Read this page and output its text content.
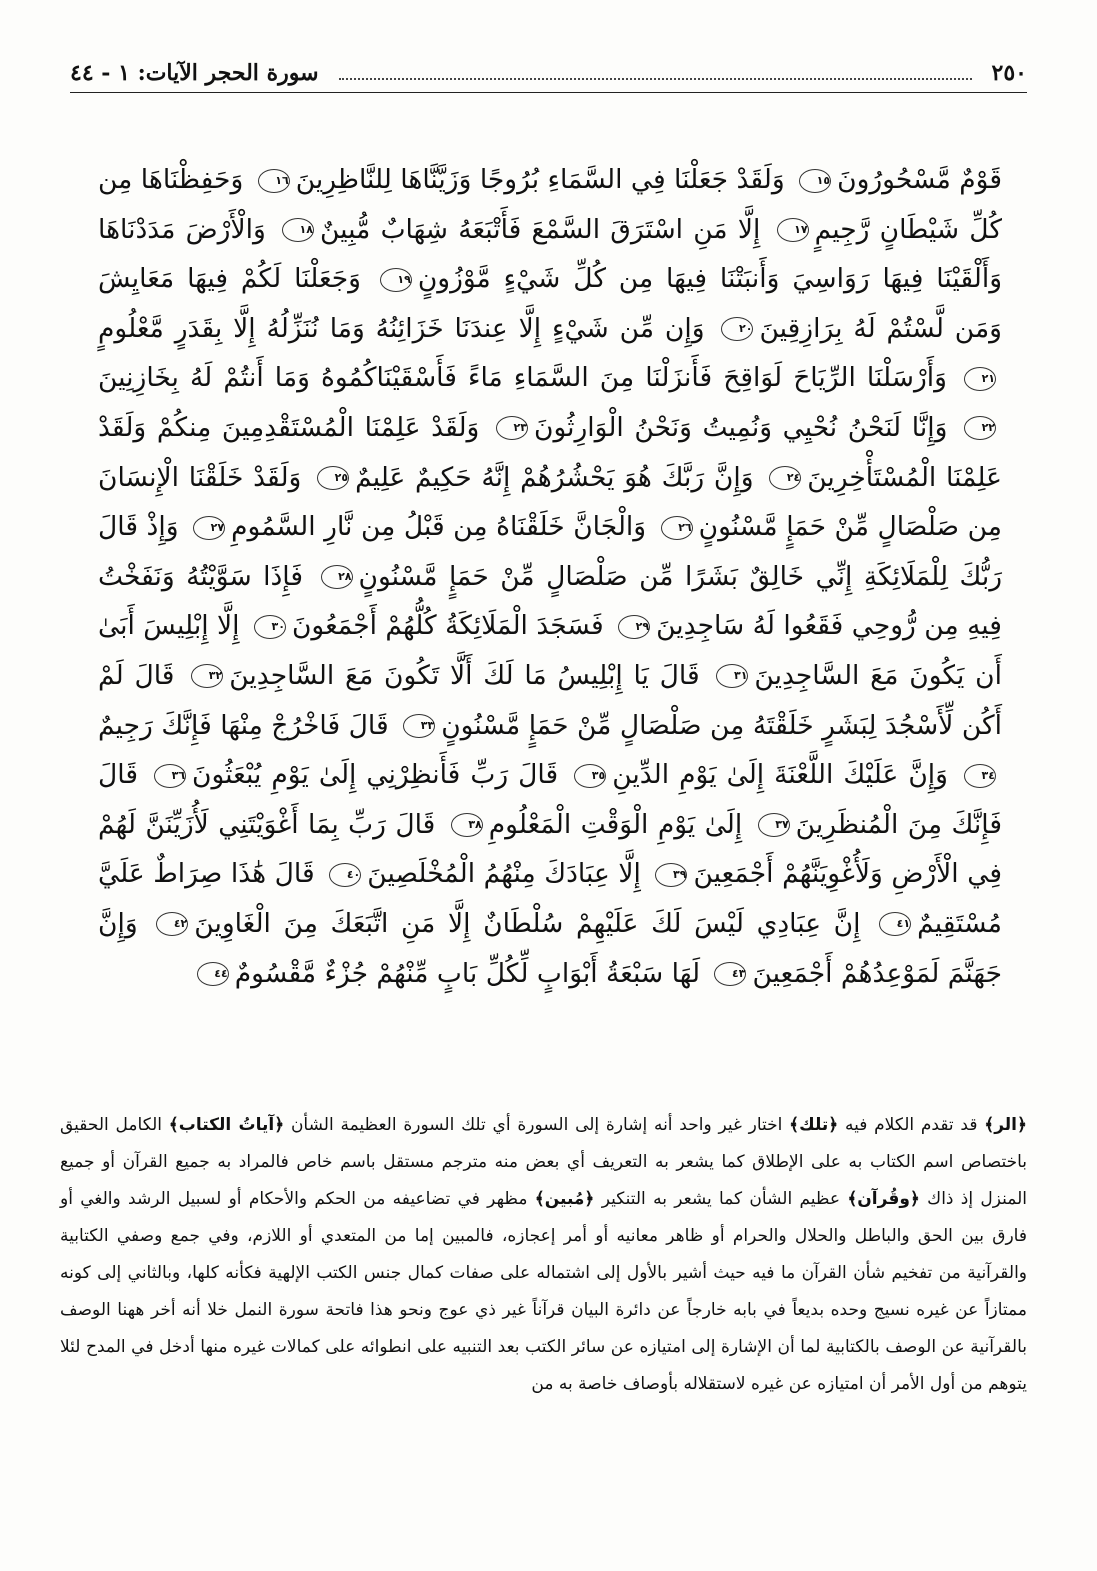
٢٥٠
سورة الحجر الآيات: ١ - ٤٤
قَوْمٌ مَّسْحُورُونَ١٥ وَلَقَدْ جَعَلْنَا فِي السَّمَاءِ بُرُوجًا وَزَيَّنَّاهَا لِلنَّاظِرِينَ١٦ وَحَفِظْنَاهَا مِن كُلِّ شَيْطَانٍ رَّجِيمٍ١٧ إِلَّا مَنِ اسْتَرَقَ السَّمْعَ فَأَتْبَعَهُ شِهَابٌ مُّبِينٌ١٨ وَالْأَرْضَ مَدَدْنَاهَا وَأَلْقَيْنَا فِيهَا رَوَاسِيَ وَأَنبَتْنَا فِيهَا مِن كُلِّ شَيْءٍ مَّوْزُونٍ١٩ وَجَعَلْنَا لَكُمْ فِيهَا مَعَايِشَ وَمَن لَّسْتُمْ لَهُ بِرَازِقِينَ٢٠ وَإِن مِّن شَيْءٍ إِلَّا عِندَنَا خَزَائِنُهُ وَمَا نُنَزِّلُهُ إِلَّا بِقَدَرٍ مَّعْلُومٍ٢١ وَأَرْسَلْنَا الرِّيَاحَ لَوَاقِحَ فَأَنزَلْنَا مِنَ السَّمَاءِ مَاءً فَأَسْقَيْنَاكُمُوهُ وَمَا أَنتُمْ لَهُ بِخَازِنِينَ٢٢ وَإِنَّا لَنَحْنُ نُحْيِي وَنُمِيتُ وَنَحْنُ الْوَارِثُونَ٢٣ وَلَقَدْ عَلِمْنَا الْمُسْتَقْدِمِينَ مِنكُمْ وَلَقَدْ عَلِمْنَا الْمُسْتَأْخِرِينَ٢٤ وَإِنَّ رَبَّكَ هُوَ يَحْشُرُهُمْ إِنَّهُ حَكِيمٌ عَلِيمٌ٢٥ وَلَقَدْ خَلَقْنَا الْإِنسَانَ مِن صَلْصَالٍ مِّنْ حَمَإٍ مَّسْنُونٍ٢٦ وَالْجَانَّ خَلَقْنَاهُ مِن قَبْلُ مِن نَّارِ السَّمُومِ٢٧ وَإِذْ قَالَ رَبُّكَ لِلْمَلَائِكَةِ إِنِّي خَالِقٌ بَشَرًا مِّن صَلْصَالٍ مِّنْ حَمَإٍ مَّسْنُونٍ٢٨ فَإِذَا سَوَّيْتُهُ وَنَفَخْتُ فِيهِ مِن رُّوحِي فَقَعُوا لَهُ سَاجِدِينَ٢٩ فَسَجَدَ الْمَلَائِكَةُ كُلُّهُمْ أَجْمَعُونَ٣٠ إِلَّا إِبْلِيسَ أَبَىٰ أَن يَكُونَ مَعَ السَّاجِدِينَ٣١ قَالَ يَا إِبْلِيسُ مَا لَكَ أَلَّا تَكُونَ مَعَ السَّاجِدِينَ٣٢ قَالَ لَمْ أَكُن لِّأَسْجُدَ لِبَشَرٍ خَلَقْتَهُ مِن صَلْصَالٍ مِّنْ حَمَإٍ مَّسْنُونٍ٣٣ قَالَ فَاخْرُجْ مِنْهَا فَإِنَّكَ رَجِيمٌ٣٤ وَإِنَّ عَلَيْكَ اللَّعْنَةَ إِلَىٰ يَوْمِ الدِّينِ٣٥ قَالَ رَبِّ فَأَنظِرْنِي إِلَىٰ يَوْمِ يُبْعَثُونَ٣٦ قَالَ فَإِنَّكَ مِنَ الْمُنظَرِينَ٣٧ إِلَىٰ يَوْمِ الْوَقْتِ الْمَعْلُومِ٣٨ قَالَ رَبِّ بِمَا أَغْوَيْتَنِي لَأُزَيِّنَنَّ لَهُمْ فِي الْأَرْضِ وَلَأُغْوِيَنَّهُمْ أَجْمَعِينَ٣٩ إِلَّا عِبَادَكَ مِنْهُمُ الْمُخْلَصِينَ٤٠ قَالَ هَٰذَا صِرَاطٌ عَلَيَّ مُسْتَقِيمٌ٤١ إِنَّ عِبَادِي لَيْسَ لَكَ عَلَيْهِمْ سُلْطَانٌ إِلَّا مَنِ اتَّبَعَكَ مِنَ الْغَاوِينَ٤٢ وَإِنَّ جَهَنَّمَ لَمَوْعِدُهُمْ أَجْمَعِينَ٤٣ لَهَا سَبْعَةُ أَبْوَابٍ لِّكُلِّ بَابٍ مِّنْهُمْ جُزْءٌ مَّقْسُومٌ٤٤
﴿الر﴾ قد تقدم الكلام فيه ﴿تلك﴾ اختار غير واحد أنه إشارة إلى السورة أي تلك السورة العظيمة الشأن ﴿آياتُ الكتاب﴾ الكامل الحقيق باختصاص اسم الكتاب به على الإطلاق كما يشعر به التعريف أي بعض منه مترجم مستقل باسم خاص فالمراد به جميع القرآن أو جميع المنزل إذ ذاك ﴿وقُرآن﴾ عظيم الشأن كما يشعر به التنكير ﴿مُبين﴾ مظهر في تضاعيفه من الحكم والأحكام أو لسبيل الرشد والغي أو فارق بين الحق والباطل والحلال والحرام أو ظاهر معانيه أو أمر إعجازه، فالمبين إما من المتعدي أو اللازم، وفي جمع وصفي الكتابية والقرآنية من تفخيم شأن القرآن ما فيه حيث أشير بالأول إلى اشتماله على صفات كمال جنس الكتب الإلهية فكأنه كلها، وبالثاني إلى كونه ممتازاً عن غيره نسيج وحده بديعاً في بابه خارجاً عن دائرة البيان قرآناً غير ذي عوج ونحو هذا فاتحة سورة النمل خلا أنه أخر ههنا الوصف بالقرآنية عن الوصف بالكتابية لما أن الإشارة إلى امتيازه عن سائر الكتب بعد التنبيه على انطوائه على كمالات غيره منها أدخل في المدح لئلا يتوهم من أول الأمر أن امتيازه عن غيره لاستقلاله بأوصاف خاصة به من
